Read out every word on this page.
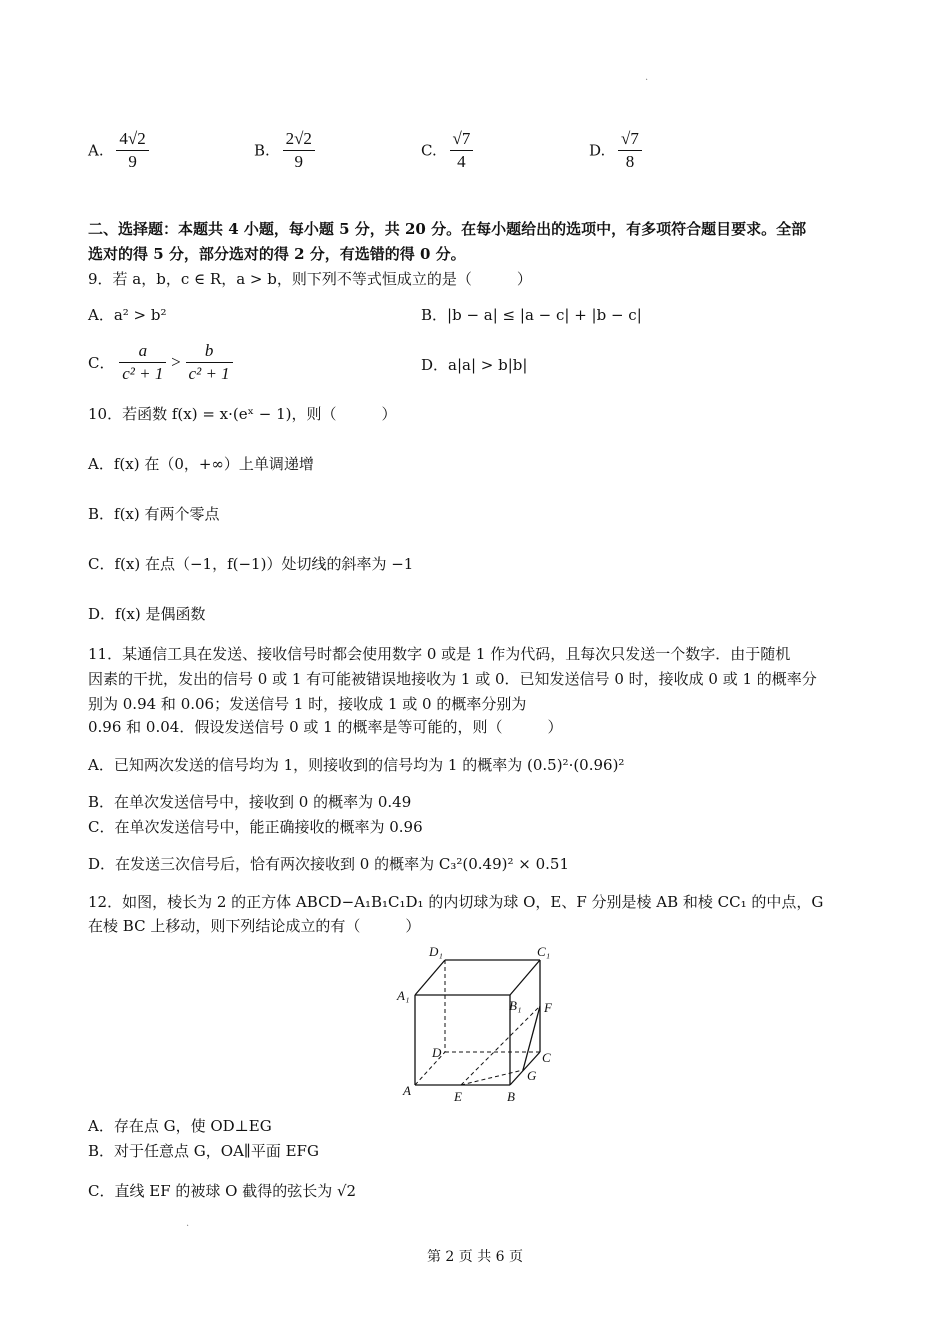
.
.
A. $\frac{4√2}{9}$	B. $\frac{2√2}{9}$	C. $\frac{√7}{4}$	D. $\frac{√7}{8}$
二、选择题：本题共 4 小题，每小题 5 分，共 20 分。在每小题给出的选项中，有多项符合题目要求。全部
选对的得 5 分，部分选对的得 2 分，有选错的得 0 分。
9．若 a，b，c ∈ R，a > b，则下列不等式恒成立的是（　　　）
A．a² > b²	B．|b − a| ≤ |a − c| + |b − c|
C． $\frac{a}{\text{c² + 1}} > \frac{b}{\text{c² + 1}}$	D．a|a| > b|b|
10．若函数 f(x) = x·(eˣ − 1)，则（　　　）
A．f(x) 在（0，+∞）上单调递增
B．f(x) 有两个零点
C．f(x) 在点（−1，f(−1)）处切线的斜率为 −1
D．f(x) 是偶函数
11．某通信工具在发送、接收信号时都会使用数字 0 或是 1 作为代码，且每次只发送一个数字．由于随机
因素的干扰，发出的信号 0 或 1 有可能被错误地接收为 1 或 0．已知发送信号 0 时，接收成 0 或 1 的概率分
别为 0.94 和 0.06；发送信号 1 时，接收成 1 或 0 的概率分别为
0.96 和 0.04．假设发送信号 0 或 1 的概率是等可能的，则（　　　）
A．已知两次发送的信号均为 1，则接收到的信号均为 1 的概率为 (0.5)²·(0.96)²
B．在单次发送信号中，接收到 0 的概率为 0.49
C．在单次发送信号中，能正确接收的概率为 0.96
D．在发送三次信号后，恰有两次接收到 0 的概率为 C₃²(0.49)² × 0.51
12．如图，棱长为 2 的正方体 ABCD−A₁B₁C₁D₁ 的内切球为球 O，E、F 分别是棱 AB 和棱 CC₁ 的中点，G
在棱 BC 上移动，则下列结论成立的有（　　　）
D₁	C₁
A₁
B₁ F
D	C
G
A	E	B
A．存在点 G，使 OD⊥EG
B．对于任意点 G，OA∥平面 EFG
C．直线 EF 的被球 O 截得的弦长为 √2
第 2 页 共 6 页
